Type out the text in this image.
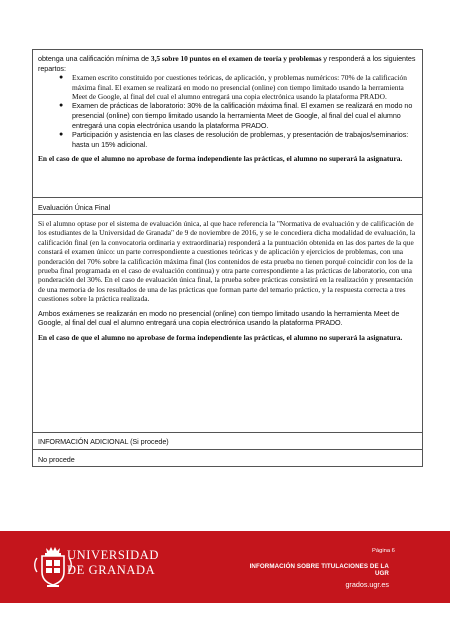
obtenga una calificación mínima de 3,5 sobre 10 puntos en el examen de teoría y problemas y responderá a los siguientes repartos:

● Examen escrito constituido por cuestiones teóricas, de aplicación, y problemas numéricos: 70% de la calificación máxima final. El examen se realizará en modo no presencial (online) con tiempo limitado usando la herramienta Meet de Google, al final del cual el alumno entregará una copia electrónica usando la plataforma PRADO.
● Examen de prácticas de laboratorio: 30% de la calificación máxima final. El examen se realizará en modo no presencial (online) con tiempo limitado usando la herramienta Meet de Google, al final del cual el alumno entregará una copia electrónica usando la plataforma PRADO.
● Participación y asistencia en las clases de resolución de problemas, y presentación de trabajos/seminarios: hasta un 15% adicional.

En el caso de que el alumno no aprobase de forma independiente las prácticas, el alumno no superará la asignatura.

Evaluación Única Final

Si el alumno optase por el sistema de evaluación única, al que hace referencia la "Normativa de evaluación y de calificación de los estudiantes de la Universidad de Granada" de 9 de noviembre de 2016, y se le concediera dicha modalidad de evaluación, la calificación final (en la convocatoria ordinaria y extraordinaria) responderá a la puntuación obtenida en las dos partes de la que constará el examen único: un parte correspondiente a cuestiones teóricas y de aplicación y ejercicios de problemas, con una ponderación del 70% sobre la calificación máxima final (los contenidos de esta prueba no tienen porqué coincidir con los de la prueba final programada en el caso de evaluación continua) y otra parte correspondiente a las prácticas de laboratorio, con una ponderación del 30%. En el caso de evaluación única final, la prueba sobre prácticas consistirá en la realización y presentación de una memoria de los resultados de una de las prácticas que forman parte del temario práctico, y la respuesta correcta a tres cuestiones sobre la práctica realizada.

Ambos exámenes se realizarán en modo no presencial (online) con tiempo limitado usando la herramienta Meet de Google, al final del cual el alumno entregará una copia electrónica usando la plataforma PRADO.

En el caso de que el alumno no aprobase de forma independiente las prácticas, el alumno no superará la asignatura.

INFORMACIÓN ADICIONAL (Si procede)

No procede

UNIVERSIDAD
DE GRANADA
Página 6
INFORMACIÓN SOBRE TITULACIONES DE LA UGR
grados.ugr.es
